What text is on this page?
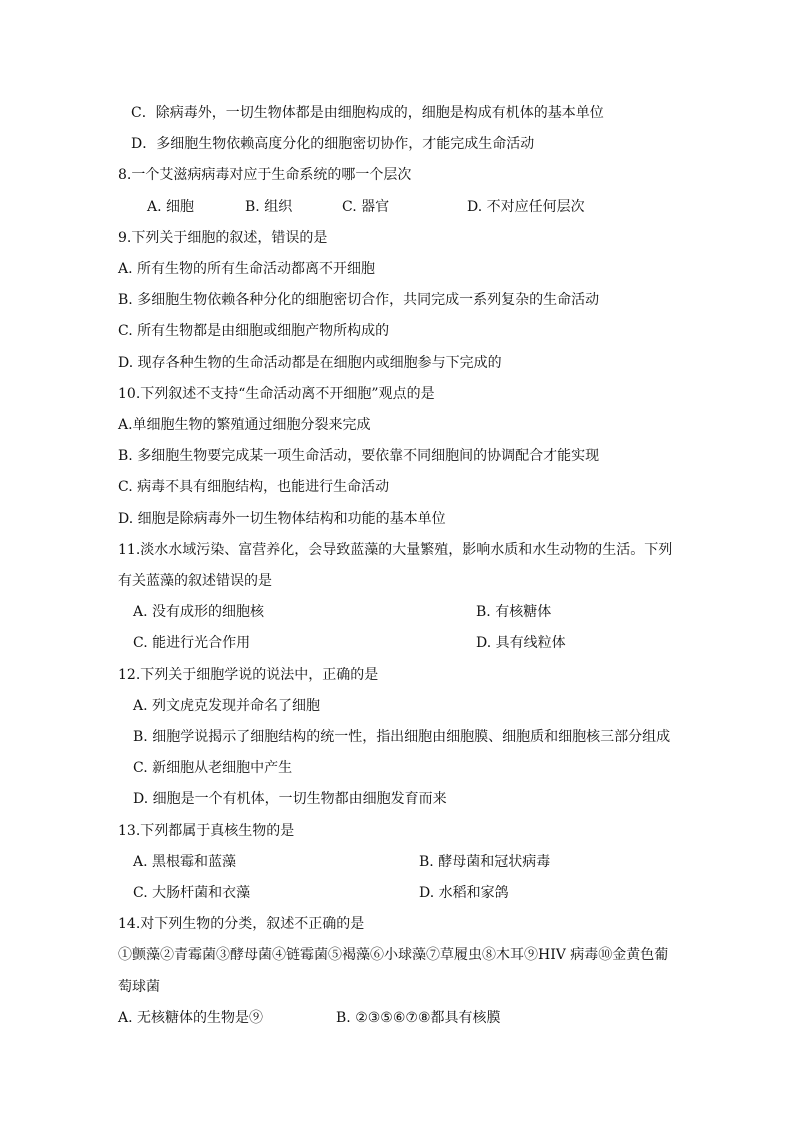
C．除病毒外，一切生物体都是由细胞构成的，细胞是构成有机体的基本单位
D．多细胞生物依赖高度分化的细胞密切协作，才能完成生命活动
8.一个艾滋病病毒对应于生命系统的哪一个层次
A. 细胞	B. 组织	C. 器官	D. 不对应任何层次
9.下列关于细胞的叙述，错误的是
A. 所有生物的所有生命活动都离不开细胞
B. 多细胞生物依赖各种分化的细胞密切合作，共同完成一系列复杂的生命活动
C. 所有生物都是由细胞或细胞产物所构成的
D. 现存各种生物的生命活动都是在细胞内或细胞参与下完成的
10.下列叙述不支持“生命活动离不开细胞”观点的是
A.单细胞生物的繁殖通过细胞分裂来完成
B. 多细胞生物要完成某一项生命活动，要依靠不同细胞间的协调配合才能实现
C. 病毒不具有细胞结构，也能进行生命活动
D. 细胞是除病毒外一切生物体结构和功能的基本单位
11.淡水水域污染、富营养化，会导致蓝藻的大量繁殖，影响水质和水生动物的生活。下列
有关蓝藻的叙述错误的是
A. 没有成形的细胞核	B. 有核糖体
C. 能进行光合作用	D. 具有线粒体
12.下列关于细胞学说的说法中，正确的是
A. 列文虎克发现并命名了细胞
B. 细胞学说揭示了细胞结构的统一性，指出细胞由细胞膜、细胞质和细胞核三部分组成
C. 新细胞从老细胞中产生
D. 细胞是一个有机体，一切生物都由细胞发育而来
13.下列都属于真核生物的是
A. 黑根霉和蓝藻	B. 酵母菌和冠状病毒
C. 大肠杆菌和衣藻	D. 水稻和家鸽
14.对下列生物的分类，叙述不正确的是
①颤藻②青霉菌③酵母菌④链霉菌⑤褐藻⑥小球藻⑦草履虫⑧木耳⑨HIV 病毒⑩金黄色葡
萄球菌
A. 无核糖体的生物是⑨	B. ②③⑤⑥⑦⑧都具有核膜
